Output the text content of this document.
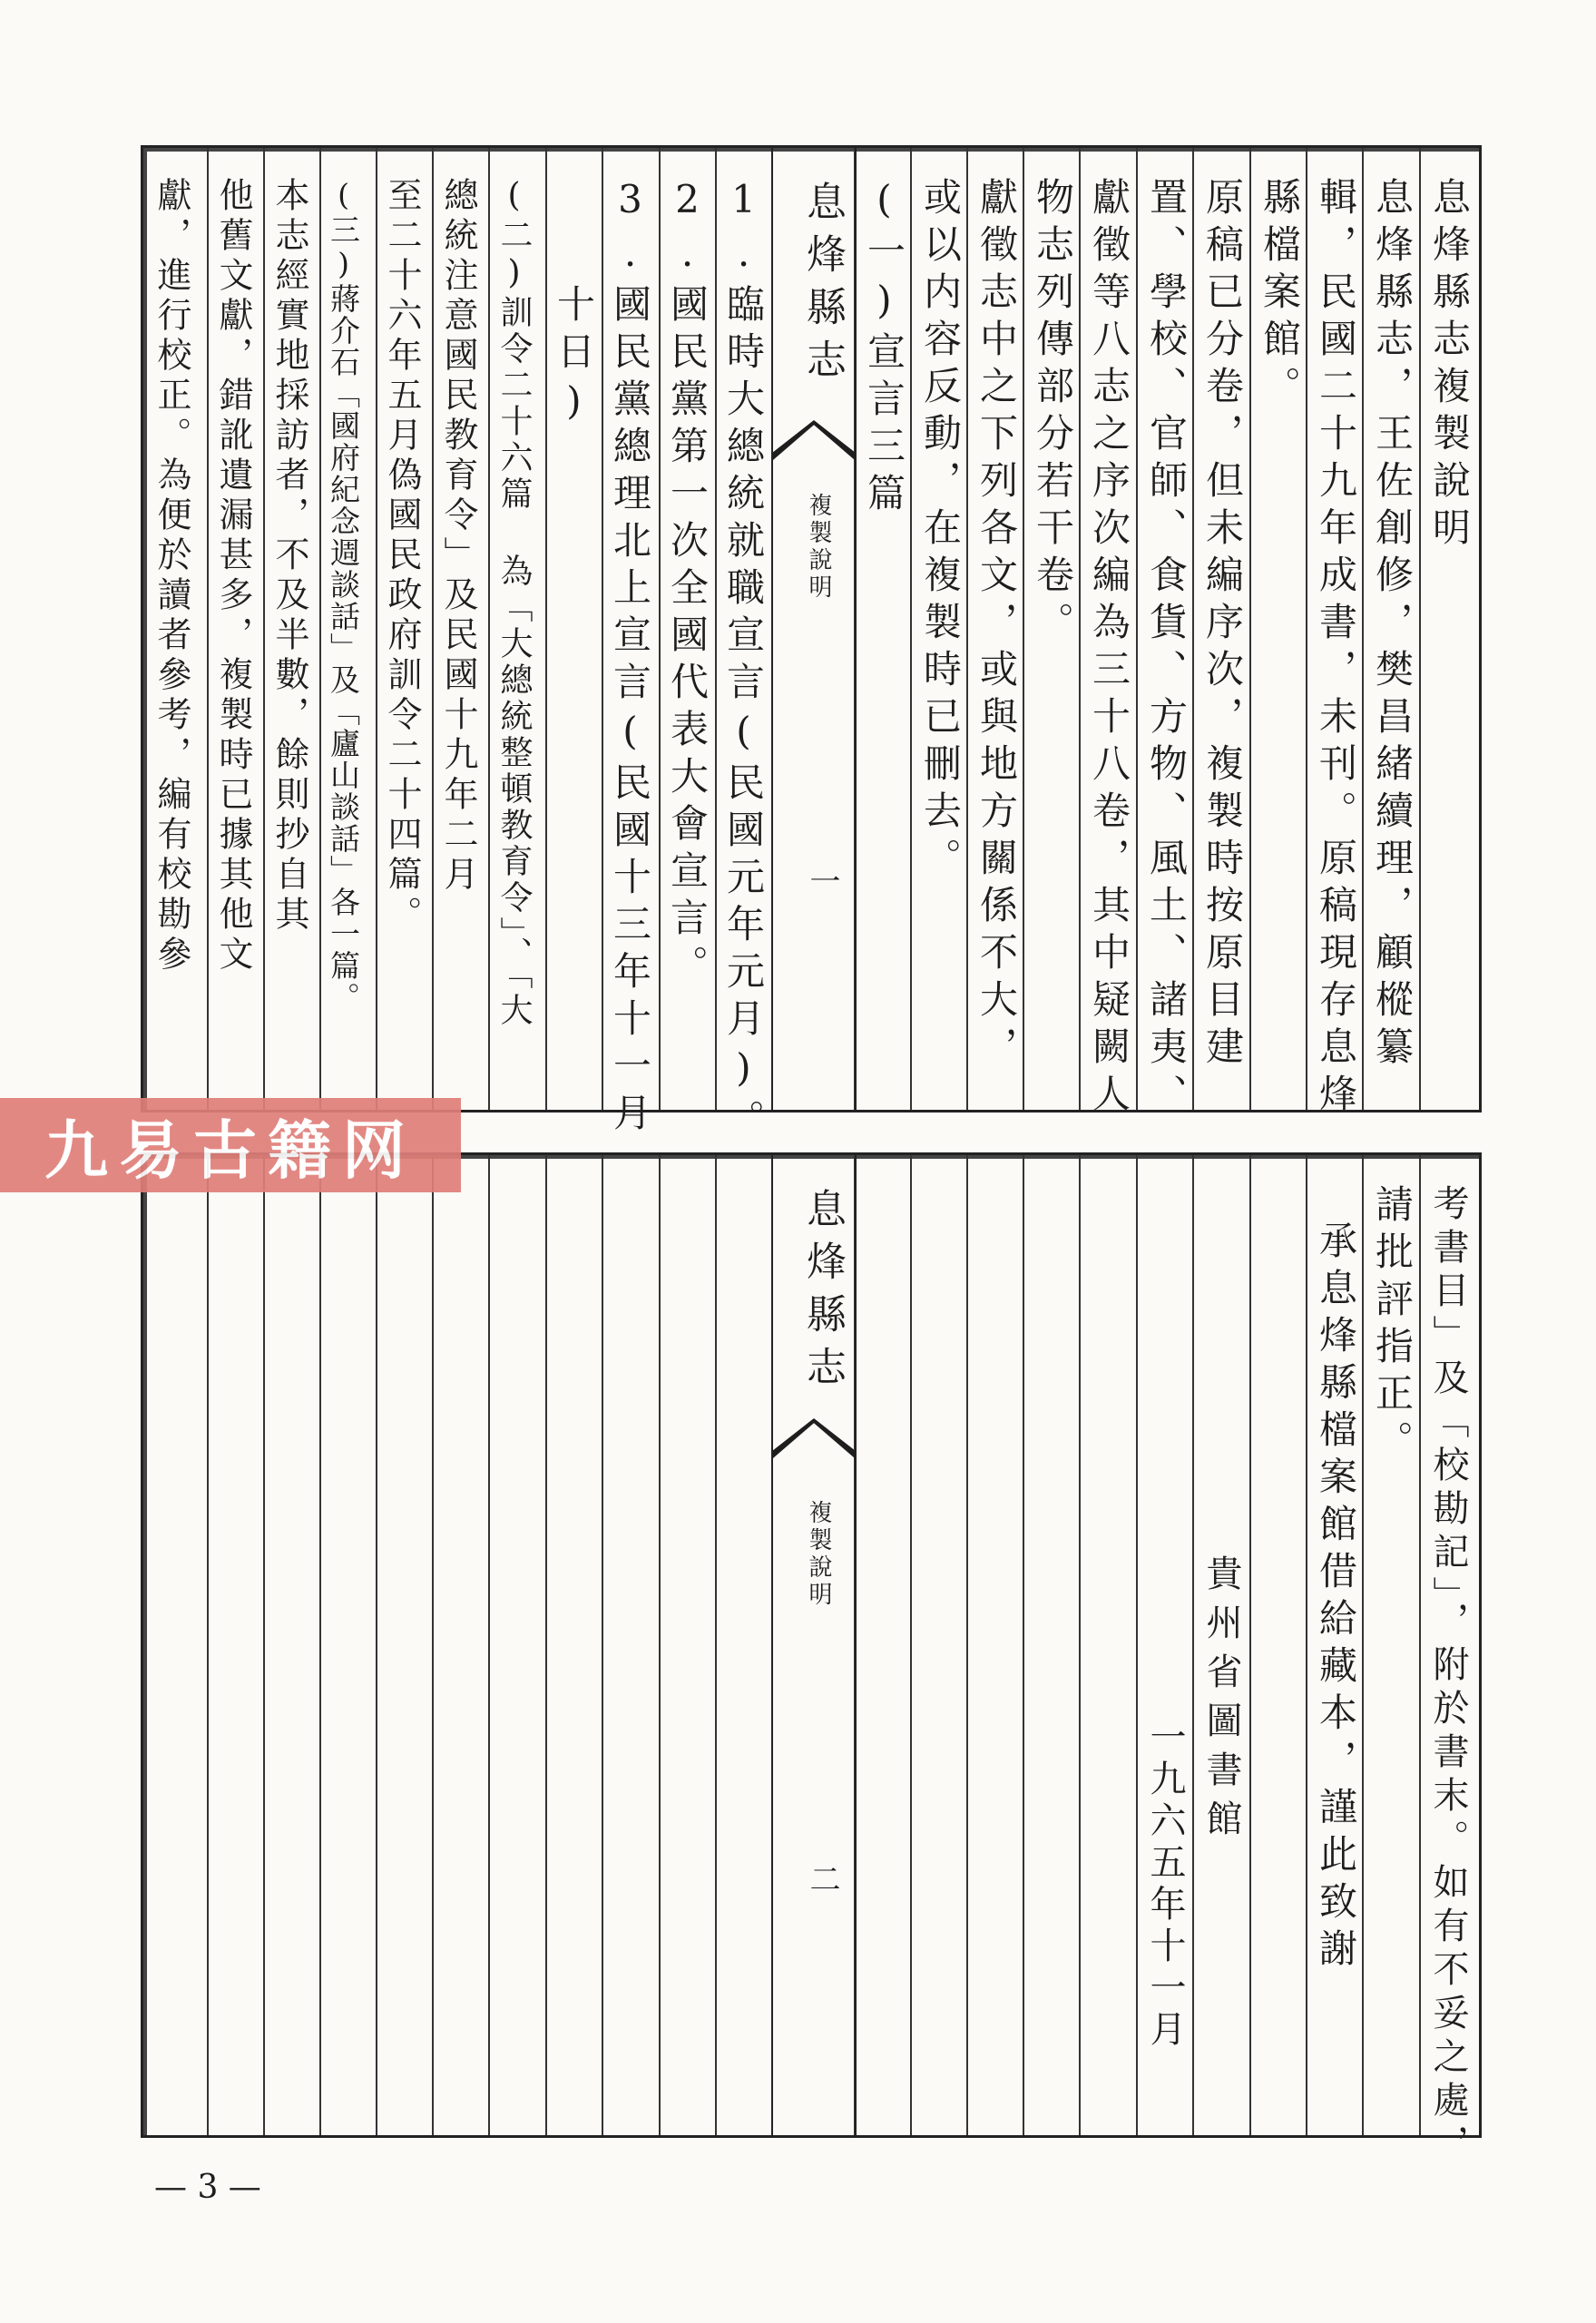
息烽縣志複製說明
息烽縣志，王佐創修，樊昌緒續理，顧樅纂
輯，民國二十九年成書，未刊。原稿現存息烽
縣檔案館。
原稿已分卷，但未編序次，複製時按原目建
置、學校、官師、食貨、方物、風土、諸夷、
獻徵等八志之序次編為三十八卷，其中疑闕人
物志列傳部分若干卷。
獻徵志中之下列各文，或與地方關係不大，
或以内容反動，在複製時已刪去。
(一)宣言三篇
息烽縣志
複製說明
一
1.臨時大總統就職宣言(民國元年元月)。
2.國民黨第一次全國代表大會宣言。
3.國民黨總理北上宣言(民國十三年十一月
十日)
(二)訓令二十六篇 為「大總統整頓教育令」、「大
總統注意國民教育令」及民國十九年二月
至二十六年五月偽國民政府訓令二十四篇。
(三)蔣介石「國府紀念週談話」及「廬山談話」各一篇。
本志經實地採訪者，不及半數，餘則抄自其
他舊文獻，錯訛遺漏甚多，複製時已據其他文
獻，進行校正。為便於讀者參考，編有校勘參
考書目」及「校勘記」，附於書末。如有不妥之處，
請批評指正。
承息烽縣檔案館借給藏本，謹此致謝
貴州省圖書館
一九六五年十一月
息烽縣志
複製說明
二
九易古籍网
— 3 —
